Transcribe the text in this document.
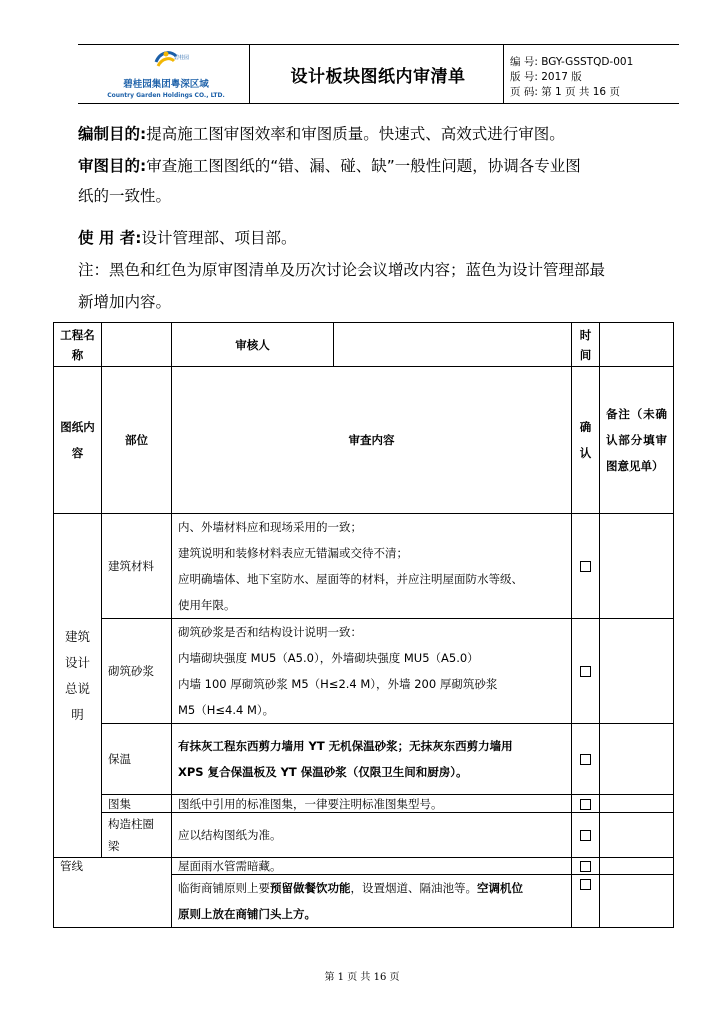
碧桂园
碧桂园集团粤深区域
Country Garden Holdings CO., LTD.
设计板块图纸内审清单
编 号: BGY-GSSTQD-001
版 号: 2017 版
页 码: 第 1 页 共 16 页
编制目的:提高施工图审图效率和审图质量。快速式、高效式进行审图。
审图目的:审查施工图图纸的“错、漏、碰、缺”一般性问题，协调各专业图
纸的一致性。
使 用 者:设计管理部、项目部。
注：黑色和红色为原审图清单及历次讨论会议增改内容；蓝色为设计管理部最
新增加内容。
工程名称		审核人		时间	
图纸内容	部位	审查内容		确认	备注（未确认部分填审图意见单）

建筑设计总说明	建筑材料	内、外墙材料应和现场采用的一致；
建筑说明和装修材料表应无错漏或交待不清；
应明确墙体、地下室防水、屋面等的材料，并应注明屋面防水等级、
使用年限。			

	砌筑砂浆	砌筑砂浆是否和结构设计说明一致：
内墙砌块强度 MU5（A5.0），外墙砌块强度 MU5（A5.0）
内墙 100 厚砌筑砂浆 M5（H≤2.4 M），外墙 200 厚砌筑砂浆
M5（H≤4.4 M）。			

	保温	有抹灰工程东西剪力墙用 YT 无机保温砂浆；无抹灰东西剪力墙用
XPS 复合保温板及 YT 保温砂浆（仅限卫生间和厨房）。			

	图集	图纸中引用的标准图集，一律要注明标准图集型号。			
	构造柱圈梁	应以结构图纸为准。			
管线		屋面雨水管需暗藏。			
		临街商铺原则上要预留做餐饮功能，设置烟道、隔油池等。空调机位
原则上放在商铺门头上方。			
第 1 页 共 16 页
